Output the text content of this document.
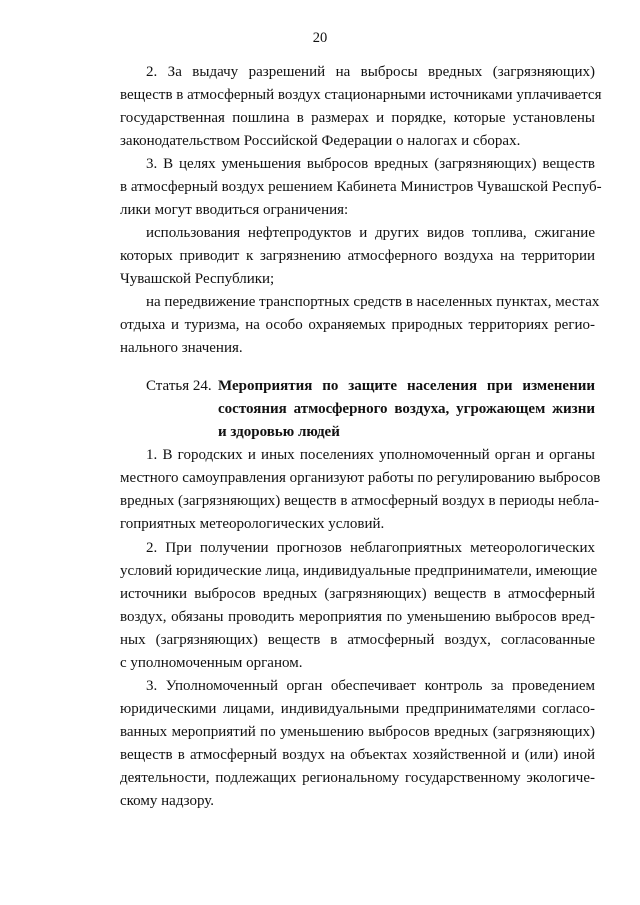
20
2. За выдачу разрешений на выбросы вредных (загрязняющих)
веществ в атмосферный воздух стационарными источниками уплачивается
государственная пошлина в размерах и порядке, которые установлены
законодательством Российской Федерации о налогах и сборах.
3. В целях уменьшения выбросов вредных (загрязняющих) веществ
в атмосферный воздух решением Кабинета Министров Чувашской Респуб-
лики могут вводиться ограничения:
использования нефтепродуктов и других видов топлива, сжигание
которых приводит к загрязнению атмосферного воздуха на территории
Чувашской Республики;
на передвижение транспортных средств в населенных пунктах, местах
отдыха и туризма, на особо охраняемых природных территориях регио-
нального значения.
Статья 24. Мероприятия по защите населения при изменении
состояния атмосферного воздуха, угрожающем жизни
и здоровью людей
1. В городских и иных поселениях уполномоченный орган и органы
местного самоуправления организуют работы по регулированию выбросов
вредных (загрязняющих) веществ в атмосферный воздух в периоды небла-
гоприятных метеорологических условий.
2. При получении прогнозов неблагоприятных метеорологических
условий юридические лица, индивидуальные предприниматели, имеющие
источники выбросов вредных (загрязняющих) веществ в атмосферный
воздух, обязаны проводить мероприятия по уменьшению выбросов вред-
ных (загрязняющих) веществ в атмосферный воздух, согласованные
с уполномоченным органом.
3. Уполномоченный орган обеспечивает контроль за проведением
юридическими лицами, индивидуальными предпринимателями согласо-
ванных мероприятий по уменьшению выбросов вредных (загрязняющих)
веществ в атмосферный воздух на объектах хозяйственной и (или) иной
деятельности, подлежащих региональному государственному экологиче-
скому надзору.
